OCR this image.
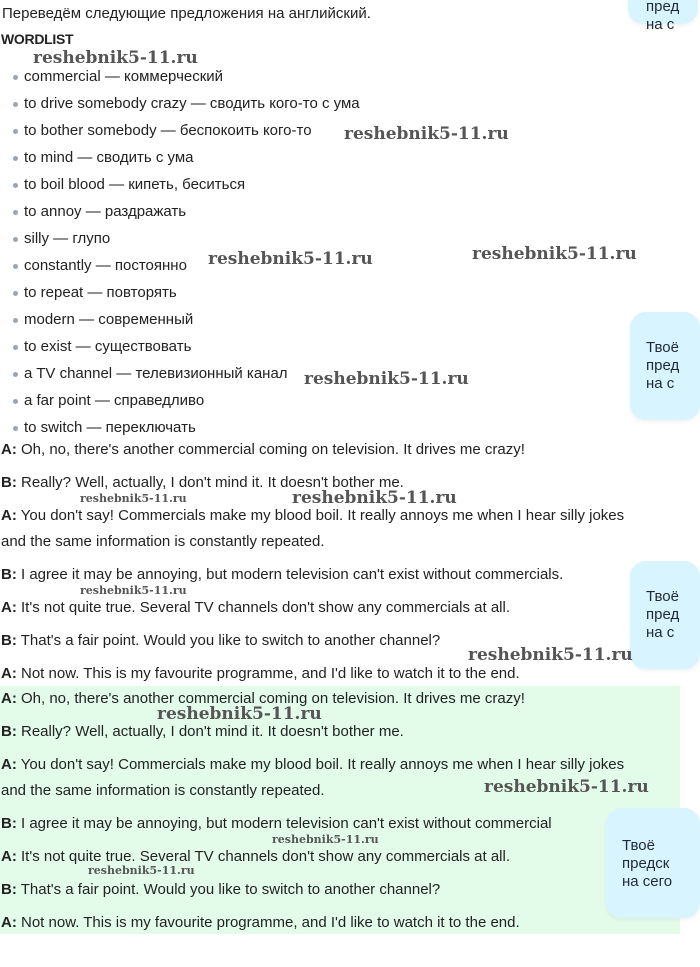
Переведём следующие предложения на английский.
WORDLIST
commercial — коммерческий
to drive somebody crazy — сводить кого-то с ума
to bother somebody — беспокоить кого-то
to mind — сводить с ума
to boil blood — кипеть, беситься
to annoy — раздражать
silly — глупо
constantly — постоянно
to repeat — повторять
modern — современный
to exist — существовать
a TV channel — телевизионный канал
a far point — справедливо
to switch — переключать
A: Oh, no, there's another commercial coming on television. It drives me crazy!
B: Really? Well, actually, I don't mind it. It doesn't bother me.
A: You don't say! Commercials make my blood boil. It really annoys me when I hear silly jokes
and the same information is constantly repeated.
B: I agree it may be annoying, but modern television can't exist without commercials.
A: It's not quite true. Several TV channels don't show any commercials at all.
B: That's a fair point. Would you like to switch to another channel?
A: Not now. This is my favourite programme, and I'd like to watch it to the end.
A: Oh, no, there's another commercial coming on television. It drives me crazy!
B: Really? Well, actually, I don't mind it. It doesn't bother me.
A: You don't say! Commercials make my blood boil. It really annoys me when I hear silly jokes
and the same information is constantly repeated.
B: I agree it may be annoying, but modern television can't exist without commercial
A: It's not quite true. Several TV channels don't show any commercials at all.
B: That's a fair point. Would you like to switch to another channel?
A: Not now. This is my favourite programme, and I'd like to watch it to the end.
пред
на с
Твоё
пред
на с
Твоё
пред
на с
Твоё
предск
на сего
reshebnik5-11.ru
reshebnik5-11.ru
reshebnik5-11.ru	reshebnik5-11.ru
reshebnik5-11.ru
reshebnik5-11.ru	reshebnik5-11.ru
reshebnik5-11.ru
reshebnik5-11.ru
reshebnik5-11.ru
reshebnik5-11.ru
reshebnik5-11.ru
reshebnik5-11.ru
